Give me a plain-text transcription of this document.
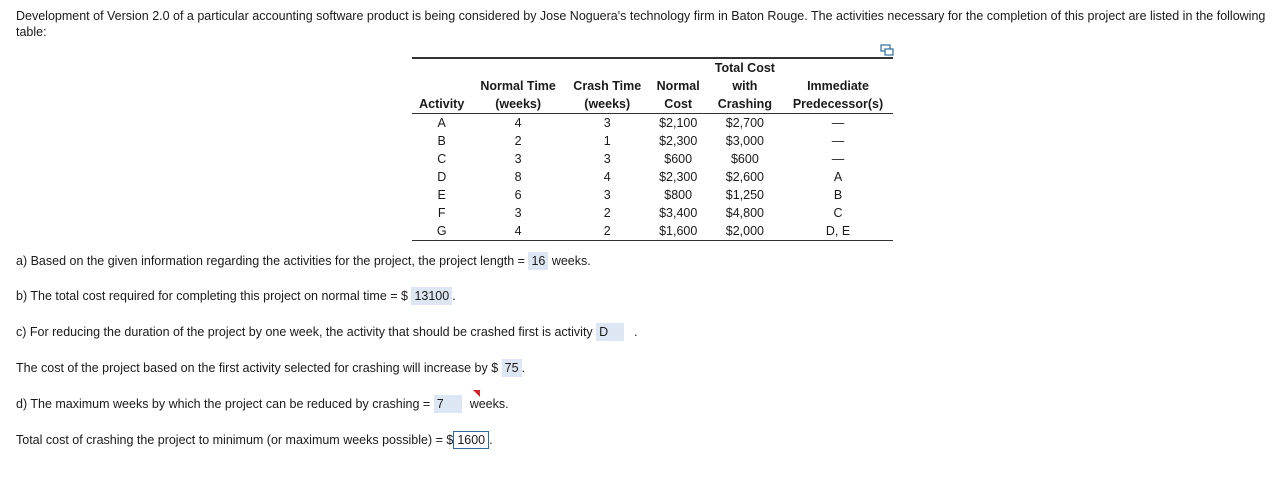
Development of Version 2.0 of a particular accounting software product is being considered by Jose Noguera's technology firm in Baton Rouge. The activities necessary for the completion of this project are listed in the following table:

				Total Cost	
	Normal Time	Crash Time	Normal	with	Immediate
Activity	(weeks)	(weeks)	Cost	Crashing	Predecessor(s)
A	4	3	$2,100	$2,700	—
B	2	1	$2,300	$3,000	—
C	3	3	$600	$600	—
D	8	4	$2,300	$2,600	A
E	6	3	$800	$1,250	B
F	3	2	$3,400	$4,800	C
G	4	2	$1,600	$2,000	D, E
a) Based on the given information regarding the activities for the project, the project length = 16 weeks.
b) The total cost required for completing this project on normal time = $ 13100 .
c) For reducing the duration of the project by one week, the activity that should be crashed first is activity D .
The cost of the project based on the first activity selected for crashing will increase by $ 75 .
d) The maximum weeks by which the project can be reduced by crashing = 7 weeks.
Total cost of crashing the project to minimum (or maximum weeks possible) = $ 1600 .
